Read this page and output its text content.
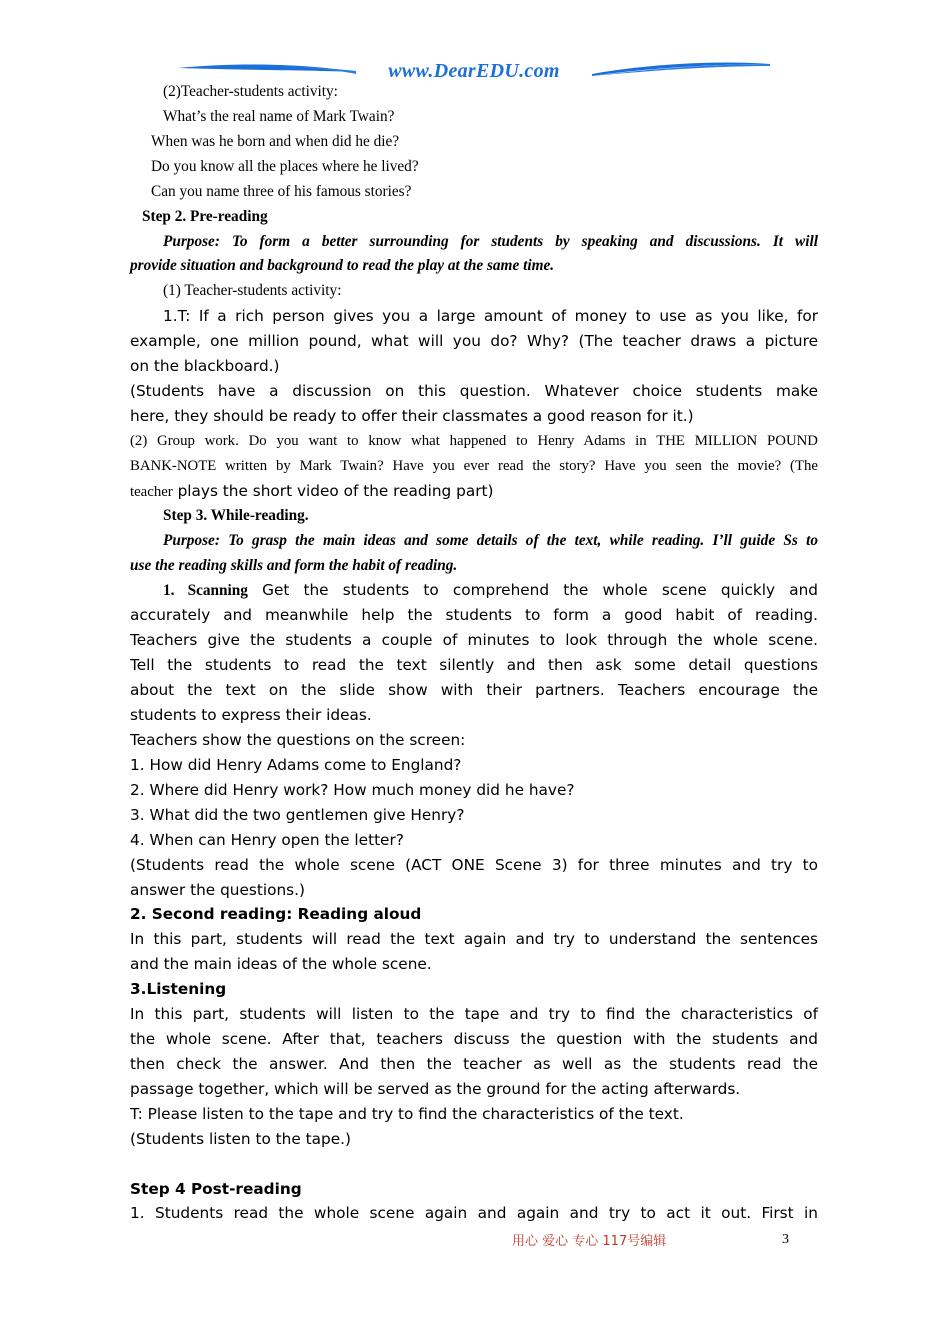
www.DearEDU.com
(2)Teacher-students activity:
What’s the real name of Mark Twain?
When was he born and when did he die?
Do you know all the places where he lived?
Can you name three of his famous stories?
Step 2. Pre-reading
Purpose: To form a better surrounding for students by speaking and discussions. It will
provide situation and background to read the play at the same time.
(1) Teacher-students activity:
1.T: If a rich person gives you a large amount of money to use as you like, for
example, one million pound, what will you do? Why? (The teacher draws a picture
on the blackboard.)
(Students have a discussion on this question. Whatever choice students make
here, they should be ready to offer their classmates a good reason for it.)
(2) Group work. Do you want to know what happened to Henry Adams in THE MILLION POUND
BANK-NOTE written by Mark Twain? Have you ever read the story? Have you seen the movie? (The
teacher plays the short video of the reading part)
Step 3. While-reading.
Purpose: To grasp the main ideas and some details of the text, while reading. I’ll guide Ss to
use the reading skills and form the habit of reading.
1. Scanning Get the students to comprehend the whole scene quickly and
accurately and meanwhile help the students to form a good habit of reading.
Teachers give the students a couple of minutes to look through the whole scene.
Tell the students to read the text silently and then ask some detail questions
about the text on the slide show with their partners. Teachers encourage the
students to express their ideas.
Teachers show the questions on the screen:
1. How did Henry Adams come to England?
2. Where did Henry work? How much money did he have?
3. What did the two gentlemen give Henry?
4. When can Henry open the letter?
(Students read the whole scene (ACT ONE Scene 3) for three minutes and try to
answer the questions.)
2. Second reading: Reading aloud
In this part, students will read the text again and try to understand the sentences
and the main ideas of the whole scene.
3.Listening
In this part, students will listen to the tape and try to find the characteristics of
the whole scene. After that, teachers discuss the question with the students and
then check the answer. And then the teacher as well as the students read the
passage together, which will be served as the ground for the acting afterwards.
T: Please listen to the tape and try to find the characteristics of the text.
(Students listen to the tape.)
Step 4 Post-reading
1. Students read the whole scene again and again and try to act it out. First in
用心 爱心 专心 117号编辑	3
